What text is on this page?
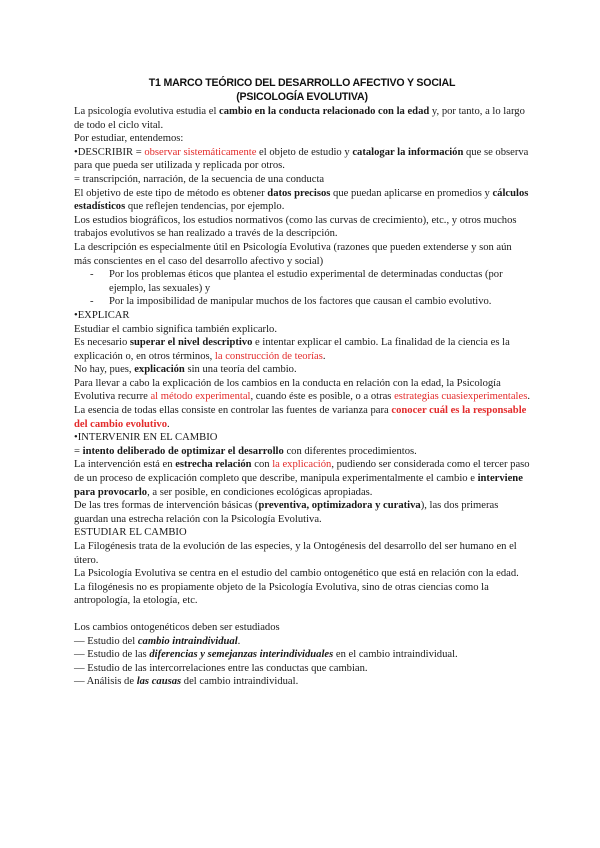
T1 MARCO TEÓRICO DEL DESARROLLO AFECTIVO Y SOCIAL

(PSICOLOGÍA EVOLUTIVA)

La psicología evolutiva estudia el cambio en la conducta relacionado con la edad y, por tanto, a lo largo de todo el ciclo vital.

Por estudiar, entendemos:

•DESCRIBIR = observar sistemáticamente el objeto de estudio y catalogar la información que se observa para que pueda ser utilizada y replicada por otros.

= transcripción, narración, de la secuencia de una conducta

El objetivo de este tipo de método es obtener datos precisos que puedan aplicarse en promedios y cálculos estadísticos que reflejen tendencias, por ejemplo.

Los estudios biográficos, los estudios normativos (como las curvas de crecimiento), etc., y otros muchos trabajos evolutivos se han realizado a través de la descripción.

La descripción es especialmente útil en Psicología Evolutiva (razones que pueden extenderse y son aún más conscientes en el caso del desarrollo afectivo y social)

- Por los problemas éticos que plantea el estudio experimental de determinadas conductas (por ejemplo, las sexuales) y
- Por la imposibilidad de manipular muchos de los factores que causan el cambio evolutivo.

•EXPLICAR

Estudiar el cambio significa también explicarlo.

Es necesario superar el nivel descriptivo e intentar explicar el cambio. La finalidad de la ciencia es la explicación o, en otros términos, la construcción de teorías.

No hay, pues, explicación sin una teoría del cambio.

Para llevar a cabo la explicación de los cambios en la conducta en relación con la edad, la Psicología Evolutiva recurre al método experimental, cuando éste es posible, o a otras estrategias cuasiexperimentales.

La esencia de todas ellas consiste en controlar las fuentes de varianza para conocer cuál es la responsable del cambio evolutivo.

•INTERVENIR EN EL CAMBIO

= intento deliberado de optimizar el desarrollo con diferentes procedimientos.

La intervención está en estrecha relación con la explicación, pudiendo ser considerada como el tercer paso de un proceso de explicación completo que describe, manipula experimentalmente el cambio e interviene para provocarlo, a ser posible, en condiciones ecológicas apropiadas.

De las tres formas de intervención básicas (preventiva, optimizadora y curativa), las dos primeras guardan una estrecha relación con la Psicología Evolutiva.

ESTUDIAR EL CAMBIO

La Filogénesis trata de la evolución de las especies, y la Ontogénesis del desarrollo del ser humano en el útero.

La Psicología Evolutiva se centra en el estudio del cambio ontogenético que está en relación con la edad.

La filogénesis no es propiamente objeto de la Psicología Evolutiva, sino de otras ciencias como la antropología, la etología, etc.

Los cambios ontogenéticos deben ser estudiados

— Estudio del cambio intraindividual.

— Estudio de las diferencias y semejanzas interindividuales en el cambio intraindividual.

— Estudio de las intercorrelaciones entre las conductas que cambian.

— Análisis de las causas del cambio intraindividual.
